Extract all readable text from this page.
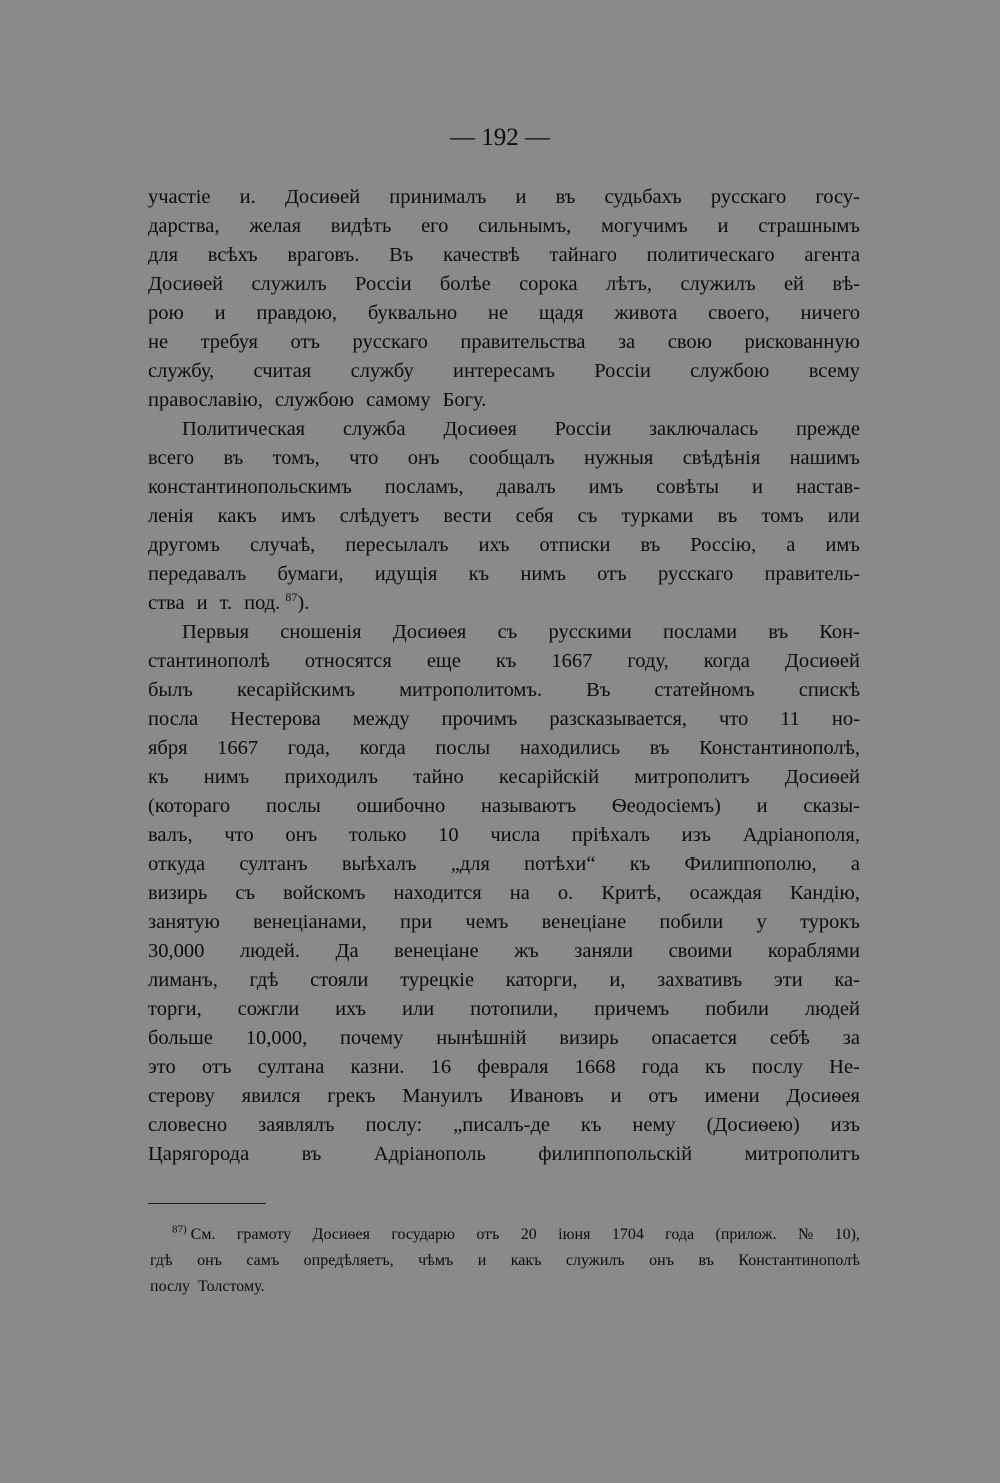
— 192 —
участіе и. Досиѳей принималъ и въ судьбахъ русскаго госу-
дарства, желая видѣть его сильнымъ, могучимъ и страшнымъ
для всѣхъ враговъ. Въ качествѣ тайнаго политическаго агента
Досиѳей служилъ Россіи болѣе сорока лѣтъ, служилъ ей вѣ-
рою и правдою, буквально не щадя живота своего, ничего
не требуя отъ русскаго правительства за свою рискованную
службу, считая службу интересамъ Россіи службою всему
православію, службою самому Богу.
Политическая служба Досиѳея Россіи заключалась прежде
всего въ томъ, что онъ сообщалъ нужныя свѣдѣнія нашимъ
константинопольскимъ посламъ, давалъ имъ совѣты и настав-
ленія какъ имъ слѣдуетъ вести себя съ турками въ томъ или
другомъ случаѣ, пересылалъ ихъ отписки въ Россію, а имъ
передавалъ бумаги, идущія къ нимъ отъ русскаго правитель-
ства и т. под. $^{87}$).
Первыя сношенія Досиѳея съ русскими послами въ Кон-
стантинополѣ относятся еще къ 1667 году, когда Досиѳей
былъ кесарійскимъ митрополитомъ. Въ статейномъ спискѣ
посла Нестерова между прочимъ разсказывается, что 11 но-
ября 1667 года, когда послы находились въ Константинополѣ,
къ нимъ приходилъ тайно кесарійскій митрополитъ Досиѳей
(котораго послы ошибочно называютъ Ѳеодосіемъ) и сказы-
валъ, что онъ только 10 числа пріѣхалъ изъ Адріанополя,
откуда султанъ выѣхалъ „для потѣхи“ къ Филиппополю, а
визирь съ войскомъ находится на о. Критѣ, осаждая Кандію,
занятую венеціанами, при чемъ венеціане побили у турокъ
30,000 людей. Да венеціане жъ заняли своими кораблями
лиманъ, гдѣ стояли турецкіе каторги, и, захвативъ эти ка-
торги, сожгли ихъ или потопили, причемъ побили людей
больше 10,000, почему нынѣшній визирь опасается себѣ за
это отъ султана казни. 16 февраля 1668 года къ послу Не-
стерову явился грекъ Мануилъ Ивановъ и отъ имени Досиѳея
словесно заявлялъ послу: „писалъ-де къ нему (Досиѳею) изъ
Царягорода	въ	Адріанополь	филиппопольскій	митрополитъ
$^{87)}$ См. грамоту Досиѳея государю отъ 20 іюня 1704 года (прилож. № 10),
гдѣ онъ самъ опредѣляетъ, чѣмъ и какъ служилъ онъ въ Константинополѣ
послу Толстому.
